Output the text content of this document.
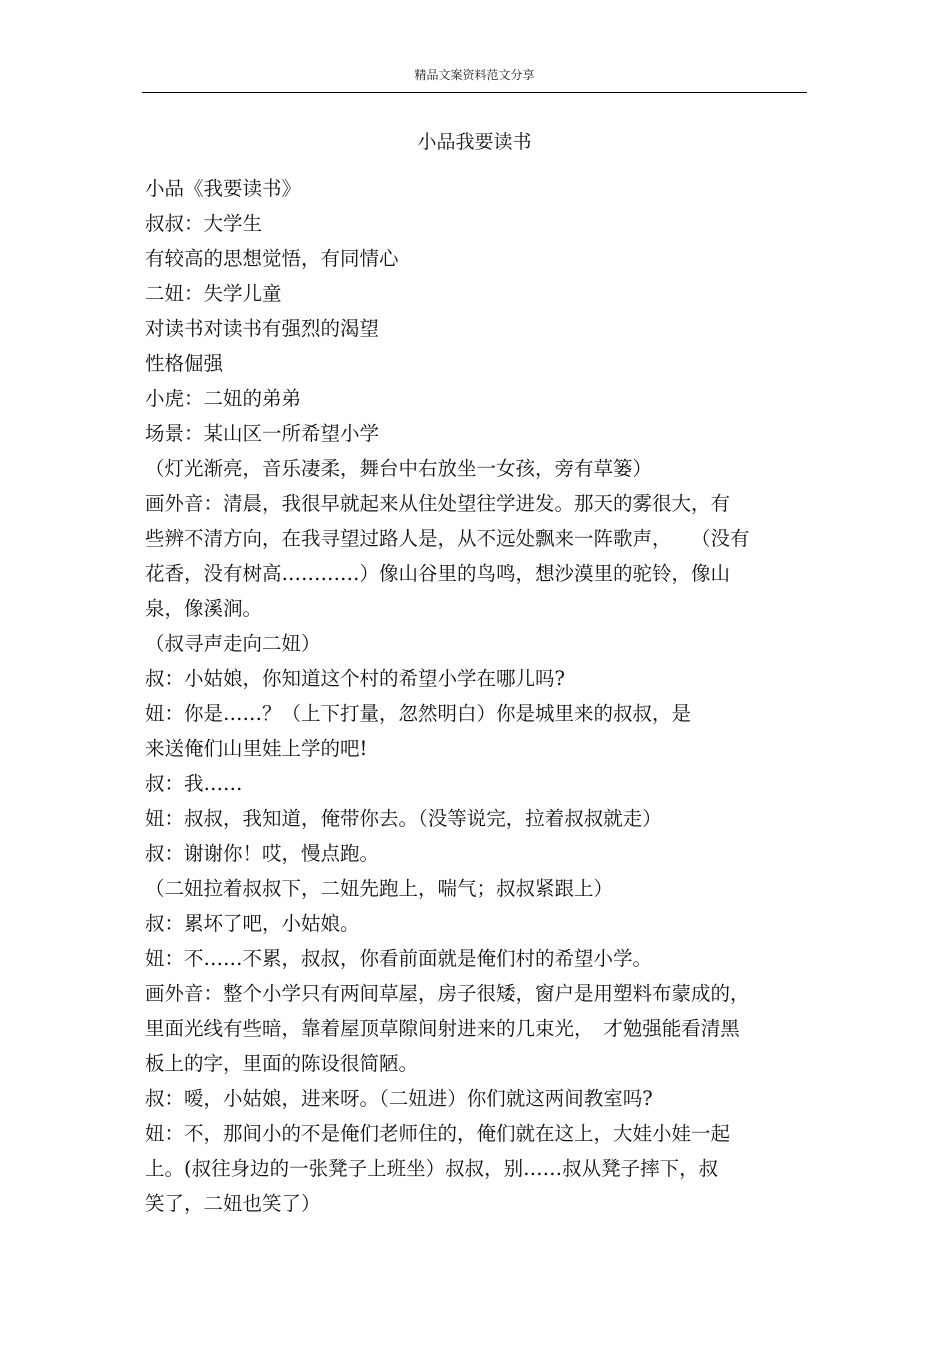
精品文案资料范文分享
小品我要读书
小品《我要读书》
叔叔：大学生
有较高的思想觉悟，有同情心
二妞：失学儿童
对读书对读书有强烈的渴望
性格倔强
小虎：二妞的弟弟
场景：某山区一所希望小学
（灯光渐亮，音乐凄柔，舞台中右放坐一女孩，旁有草篓）
画外音：清晨，我很早就起来从住处望往学进发。那天的雾很大，有
些辨不清方向，在我寻望过路人是，从不远处飘来一阵歌声，　　（没有
花香，没有树高…………）像山谷里的鸟鸣，想沙漠里的驼铃，像山
泉，像溪涧。
（叔寻声走向二妞）
叔：小姑娘，你知道这个村的希望小学在哪儿吗?
妞：你是……？（上下打量，忽然明白）你是城里来的叔叔，是
来送俺们山里娃上学的吧!
叔：我……
妞：叔叔，我知道，俺带你去。（没等说完，拉着叔叔就走）
叔：谢谢你！哎，慢点跑。
（二妞拉着叔叔下，二妞先跑上，喘气；叔叔紧跟上）
叔：累坏了吧，小姑娘。
妞：不……不累，叔叔，你看前面就是俺们村的希望小学。
画外音：整个小学只有两间草屋，房子很矮，窗户是用塑料布蒙成的，
里面光线有些暗，靠着屋顶草隙间射进来的几束光，　才勉强能看清黑
板上的字，里面的陈设很简陋。
叔：嗳，小姑娘，进来呀。（二妞进）你们就这两间教室吗?
妞：不，那间小的不是俺们老师住的，俺们就在这上，大娃小娃一起
上。(叔往身边的一张凳子上班坐）叔叔，别……叔从凳子摔下，叔
笑了，二妞也笑了）
